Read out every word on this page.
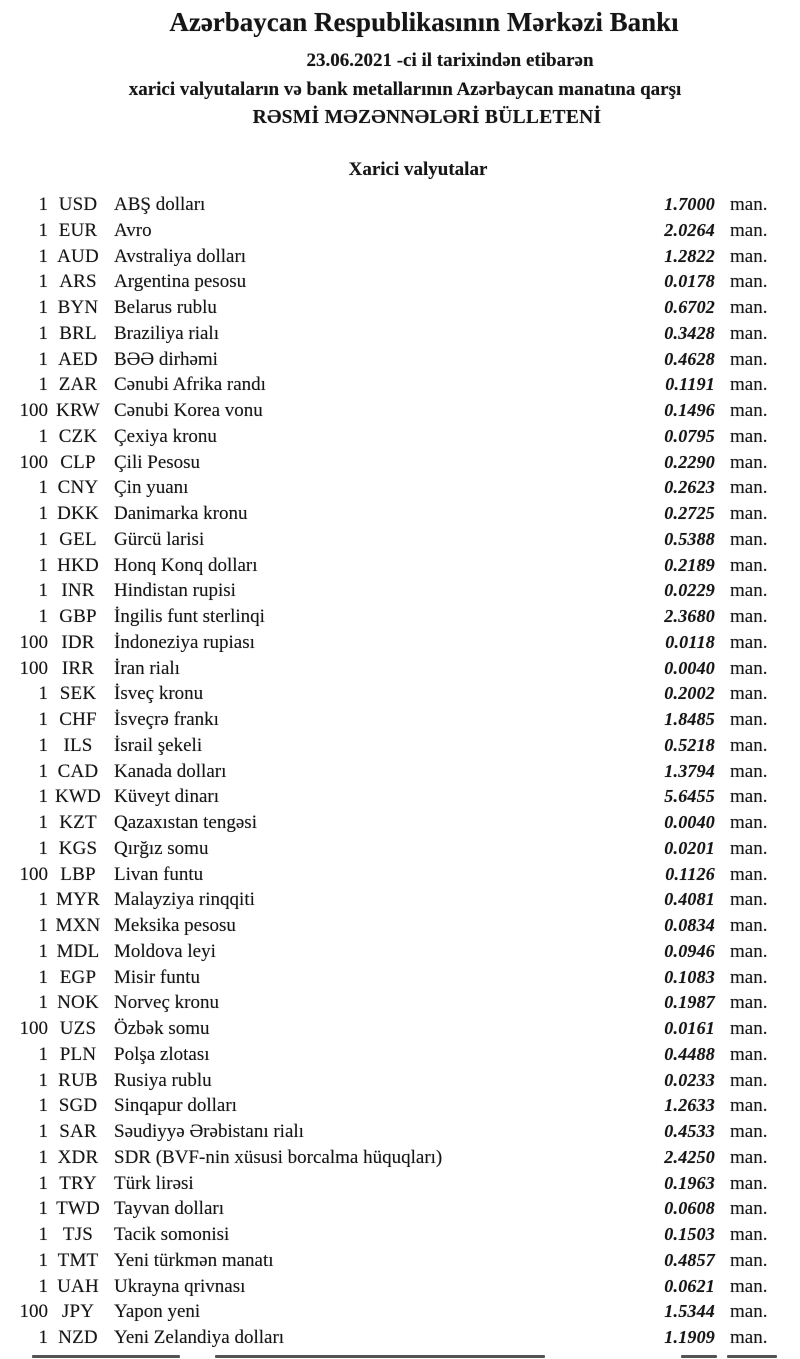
Azərbaycan Respublikasının Mərkəzi Bankı
23.06.2021 -ci il tarixindən etibarən
xarici valyutaların və bank metallarının Azərbaycan manatına qarşı
RƏSMİ MƏZƏNNƏLƏRİ BÜLLETENİ
Xarici valyutalar
1 USD ABŞ dolları	1.7000 man.
1 EUR Avro	2.0264 man.
1 AUD Avstraliya dolları	1.2822 man.
1 ARS Argentina pesosu	0.0178 man.
1 BYN Belarus rublu	0.6702 man.
1 BRL Braziliya rialı	0.3428 man.
1 AED BƏƏ dirhəmi	0.4628 man.
1 ZAR Cənubi Afrika randı	0.1191 man.
100 KRW Cənubi Korea vonu	0.1496 man.
1 CZK Çexiya kronu	0.0795 man.
100 CLP Çili Pesosu	0.2290 man.
1 CNY Çin yuanı	0.2623 man.
1 DKK Danimarka kronu	0.2725 man.
1 GEL Gürcü larisi	0.5388 man.
1 HKD Honq Konq dolları	0.2189 man.
1 INR	Hindistan rupisi	0.0229 man.
1 GBP İngilis funt sterlinqi	2.3680 man.
100 IDR	İndoneziya rupiası	0.0118 man.
100 IRR	İran rialı	0.0040 man.
1 SEK İsveç kronu	0.2002 man.
1 CHF İsveçrə frankı	1.8485 man.
1 ILS	İsrail şekeli	0.5218 man.
1 CAD Kanada dolları	1.3794 man.
1 KWD Küveyt dinarı	5.6455 man.
1 KZT Qazaxıstan tengəsi	0.0040 man.
1 KGS Qırğız somu	0.0201 man.
100 LBP Livan funtu	0.1126 man.
1 MYR Malayziya rinqqiti	0.4081 man.
1 MXN Meksika pesosu	0.0834 man.
1 MDL Moldova leyi	0.0946 man.
1 EGP Misir funtu	0.1083 man.
1 NOK Norveç kronu	0.1987 man.
100 UZS Özbək somu	0.0161 man.
1 PLN Polşa zlotası	0.4488 man.
1 RUB Rusiya rublu	0.0233 man.
1 SGD Sinqapur dolları	1.2633 man.
1 SAR Səudiyyə Ərəbistanı rialı	0.4533 man.
1 XDR SDR (BVF-nin xüsusi borcalma hüquqları)	2.4250 man.
1 TRY Türk lirəsi	0.1963 man.
1 TWD Tayvan dolları	0.0608 man.
1 TJS	Tacik somonisi	0.1503 man.
1 TMT Yeni türkmən manatı	0.4857 man.
1 UAH Ukrayna qrivnası	0.0621 man.
100 JPY	Yapon yeni	1.5344 man.
1 NZD Yeni Zelandiya dolları	1.1909 man.
